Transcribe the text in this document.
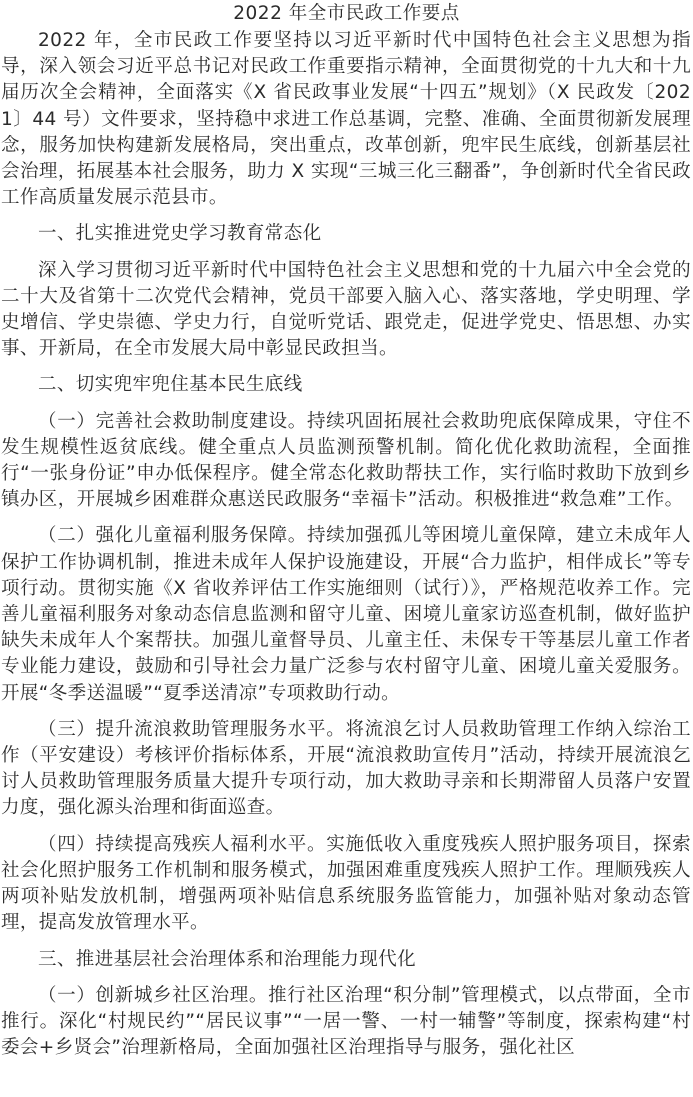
2022 年全市民政工作要点

2022 年，全市民政工作要坚持以习近平新时代中国特色社会主义思想为指导，深入领会习近平总书记对民政工作重要指示精神，全面贯彻党的十九大和十九届历次全会精神，全面落实《X 省民政事业发展“十四五”规划》（X 民政发〔2021〕44 号）文件要求，坚持稳中求进工作总基调，完整、准确、全面贯彻新发展理念，服务加快构建新发展格局，突出重点，改革创新，兜牢民生底线，创新基层社会治理，拓展基本社会服务，助力 X 实现“三城三化三翻番”，争创新时代全省民政工作高质量发展示范县市。

一、扎实推进党史学习教育常态化

深入学习贯彻习近平新时代中国特色社会主义思想和党的十九届六中全会党的二十大及省第十二次党代会精神，党员干部要入脑入心、落实落地，学史明理、学史增信、学史崇德、学史力行，自觉听党话、跟党走，促进学党史、悟思想、办实事、开新局，在全市发展大局中彰显民政担当。

二、切实兜牢兜住基本民生底线

（一）完善社会救助制度建设。持续巩固拓展社会救助兜底保障成果，守住不发生规模性返贫底线。健全重点人员监测预警机制。简化优化救助流程，全面推行“一张身份证”申办低保程序。健全常态化救助帮扶工作，实行临时救助下放到乡镇办区，开展城乡困难群众惠送民政服务“幸福卡”活动。积极推进“救急难”工作。

（二）强化儿童福利服务保障。持续加强孤儿等困境儿童保障，建立未成年人保护工作协调机制，推进未成年人保护设施建设，开展“合力监护，相伴成长”等专项行动。贯彻实施《X 省收养评估工作实施细则（试行）》，严格规范收养工作。完善儿童福利服务对象动态信息监测和留守儿童、困境儿童家访巡查机制，做好监护缺失未成年人个案帮扶。加强儿童督导员、儿童主任、未保专干等基层儿童工作者专业能力建设，鼓励和引导社会力量广泛参与农村留守儿童、困境儿童关爱服务。开展“冬季送温暖”“夏季送清凉”专项救助行动。

（三）提升流浪救助管理服务水平。将流浪乞讨人员救助管理工作纳入综治工作（平安建设）考核评价指标体系，开展“流浪救助宣传月”活动，持续开展流浪乞讨人员救助管理服务质量大提升专项行动，加大救助寻亲和长期滞留人员落户安置力度，强化源头治理和街面巡查。

（四）持续提高残疾人福利水平。实施低收入重度残疾人照护服务项目，探索社会化照护服务工作机制和服务模式，加强困难重度残疾人照护工作。理顺残疾人两项补贴发放机制，增强两项补贴信息系统服务监管能力，加强补贴对象动态管理，提高发放管理水平。

三、推进基层社会治理体系和治理能力现代化

（一）创新城乡社区治理。推行社区治理“积分制”管理模式，以点带面，全市推行。深化“村规民约”“居民议事”“一居一警、一村一辅警”等制度，探索构建“村委会+乡贤会”治理新格局，全面加强社区治理指导与服务，强化社区
